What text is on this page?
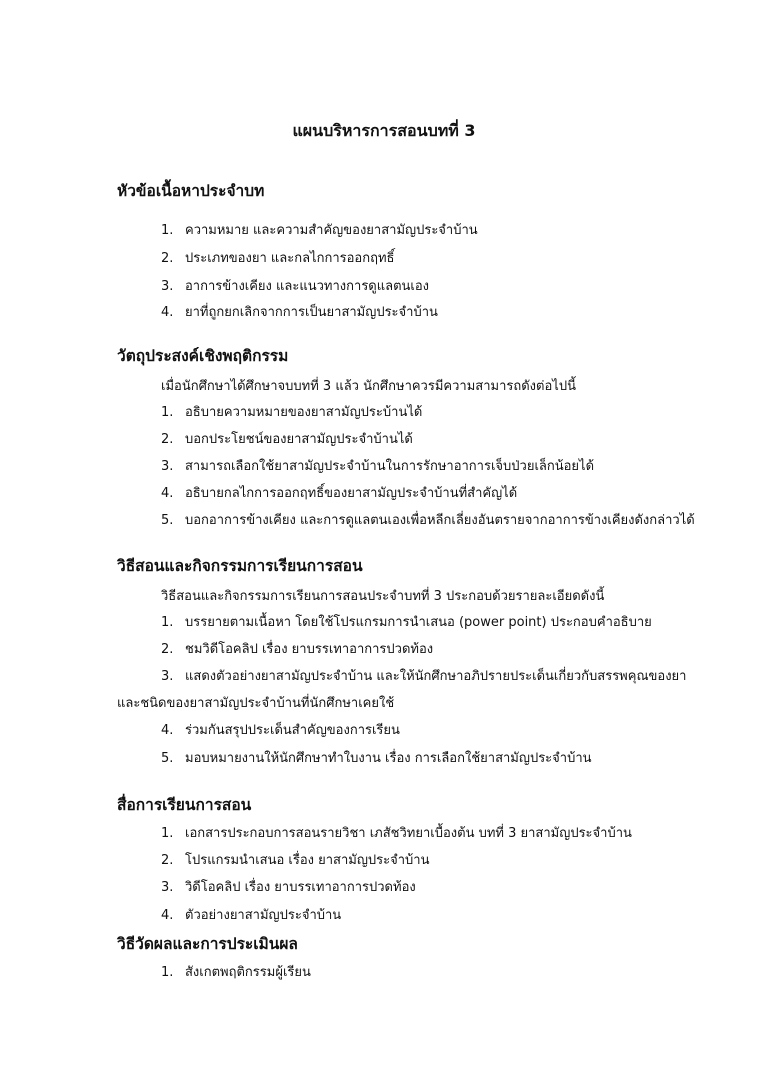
แผนบริหารการสอนบทที่ 3
หัวข้อเนื้อหาประจำบท
1. ความหมาย และความสำคัญของยาสามัญประจำบ้าน
2. ประเภทของยา และกลไกการออกฤทธิ์
3. อาการข้างเคียง และแนวทางการดูแลตนเอง
4. ยาที่ถูกยกเลิกจากการเป็นยาสามัญประจำบ้าน
วัตถุประสงค์เชิงพฤติกรรม
เมื่อนักศึกษาได้ศึกษาจบบทที่ 3 แล้ว นักศึกษาควรมีความสามารถดังต่อไปนี้
1. อธิบายความหมายของยาสามัญประบ้านได้
2. บอกประโยชน์ของยาสามัญประจำบ้านได้
3. สามารถเลือกใช้ยาสามัญประจำบ้านในการรักษาอาการเจ็บป่วยเล็กน้อยได้
4. อธิบายกลไกการออกฤทธิ์ของยาสามัญประจำบ้านที่สำคัญได้
5. บอกอาการข้างเคียง และการดูแลตนเองเพื่อหลีกเลี่ยงอันตรายจากอาการข้างเคียงดังกล่าวได้
วิธีสอนและกิจกรรมการเรียนการสอน
วิธีสอนและกิจกรรมการเรียนการสอนประจำบทที่ 3 ประกอบด้วยรายละเอียดดังนี้
1. บรรยายตามเนื้อหา โดยใช้โปรแกรมการนำเสนอ (power point) ประกอบคำอธิบาย
2. ชมวิดีโอคลิป เรื่อง ยาบรรเทาอาการปวดท้อง
3. แสดงตัวอย่างยาสามัญประจำบ้าน และให้นักศึกษาอภิปรายประเด็นเกี่ยวกับสรรพคุณของยา
และชนิดของยาสามัญประจำบ้านที่นักศึกษาเคยใช้
4. ร่วมกันสรุปประเด็นสำคัญของการเรียน
5. มอบหมายงานให้นักศึกษาทำใบงาน เรื่อง การเลือกใช้ยาสามัญประจำบ้าน
สื่อการเรียนการสอน
1. เอกสารประกอบการสอนรายวิชา เภสัชวิทยาเบื้องต้น บทที่ 3 ยาสามัญประจำบ้าน
2. โปรแกรมนำเสนอ เรื่อง ยาสามัญประจำบ้าน
3. วิดีโอคลิป เรื่อง ยาบรรเทาอาการปวดท้อง
4. ตัวอย่างยาสามัญประจำบ้าน
วิธีวัดผลและการประเมินผล
1. สังเกตพฤติกรรมผู้เรียน
